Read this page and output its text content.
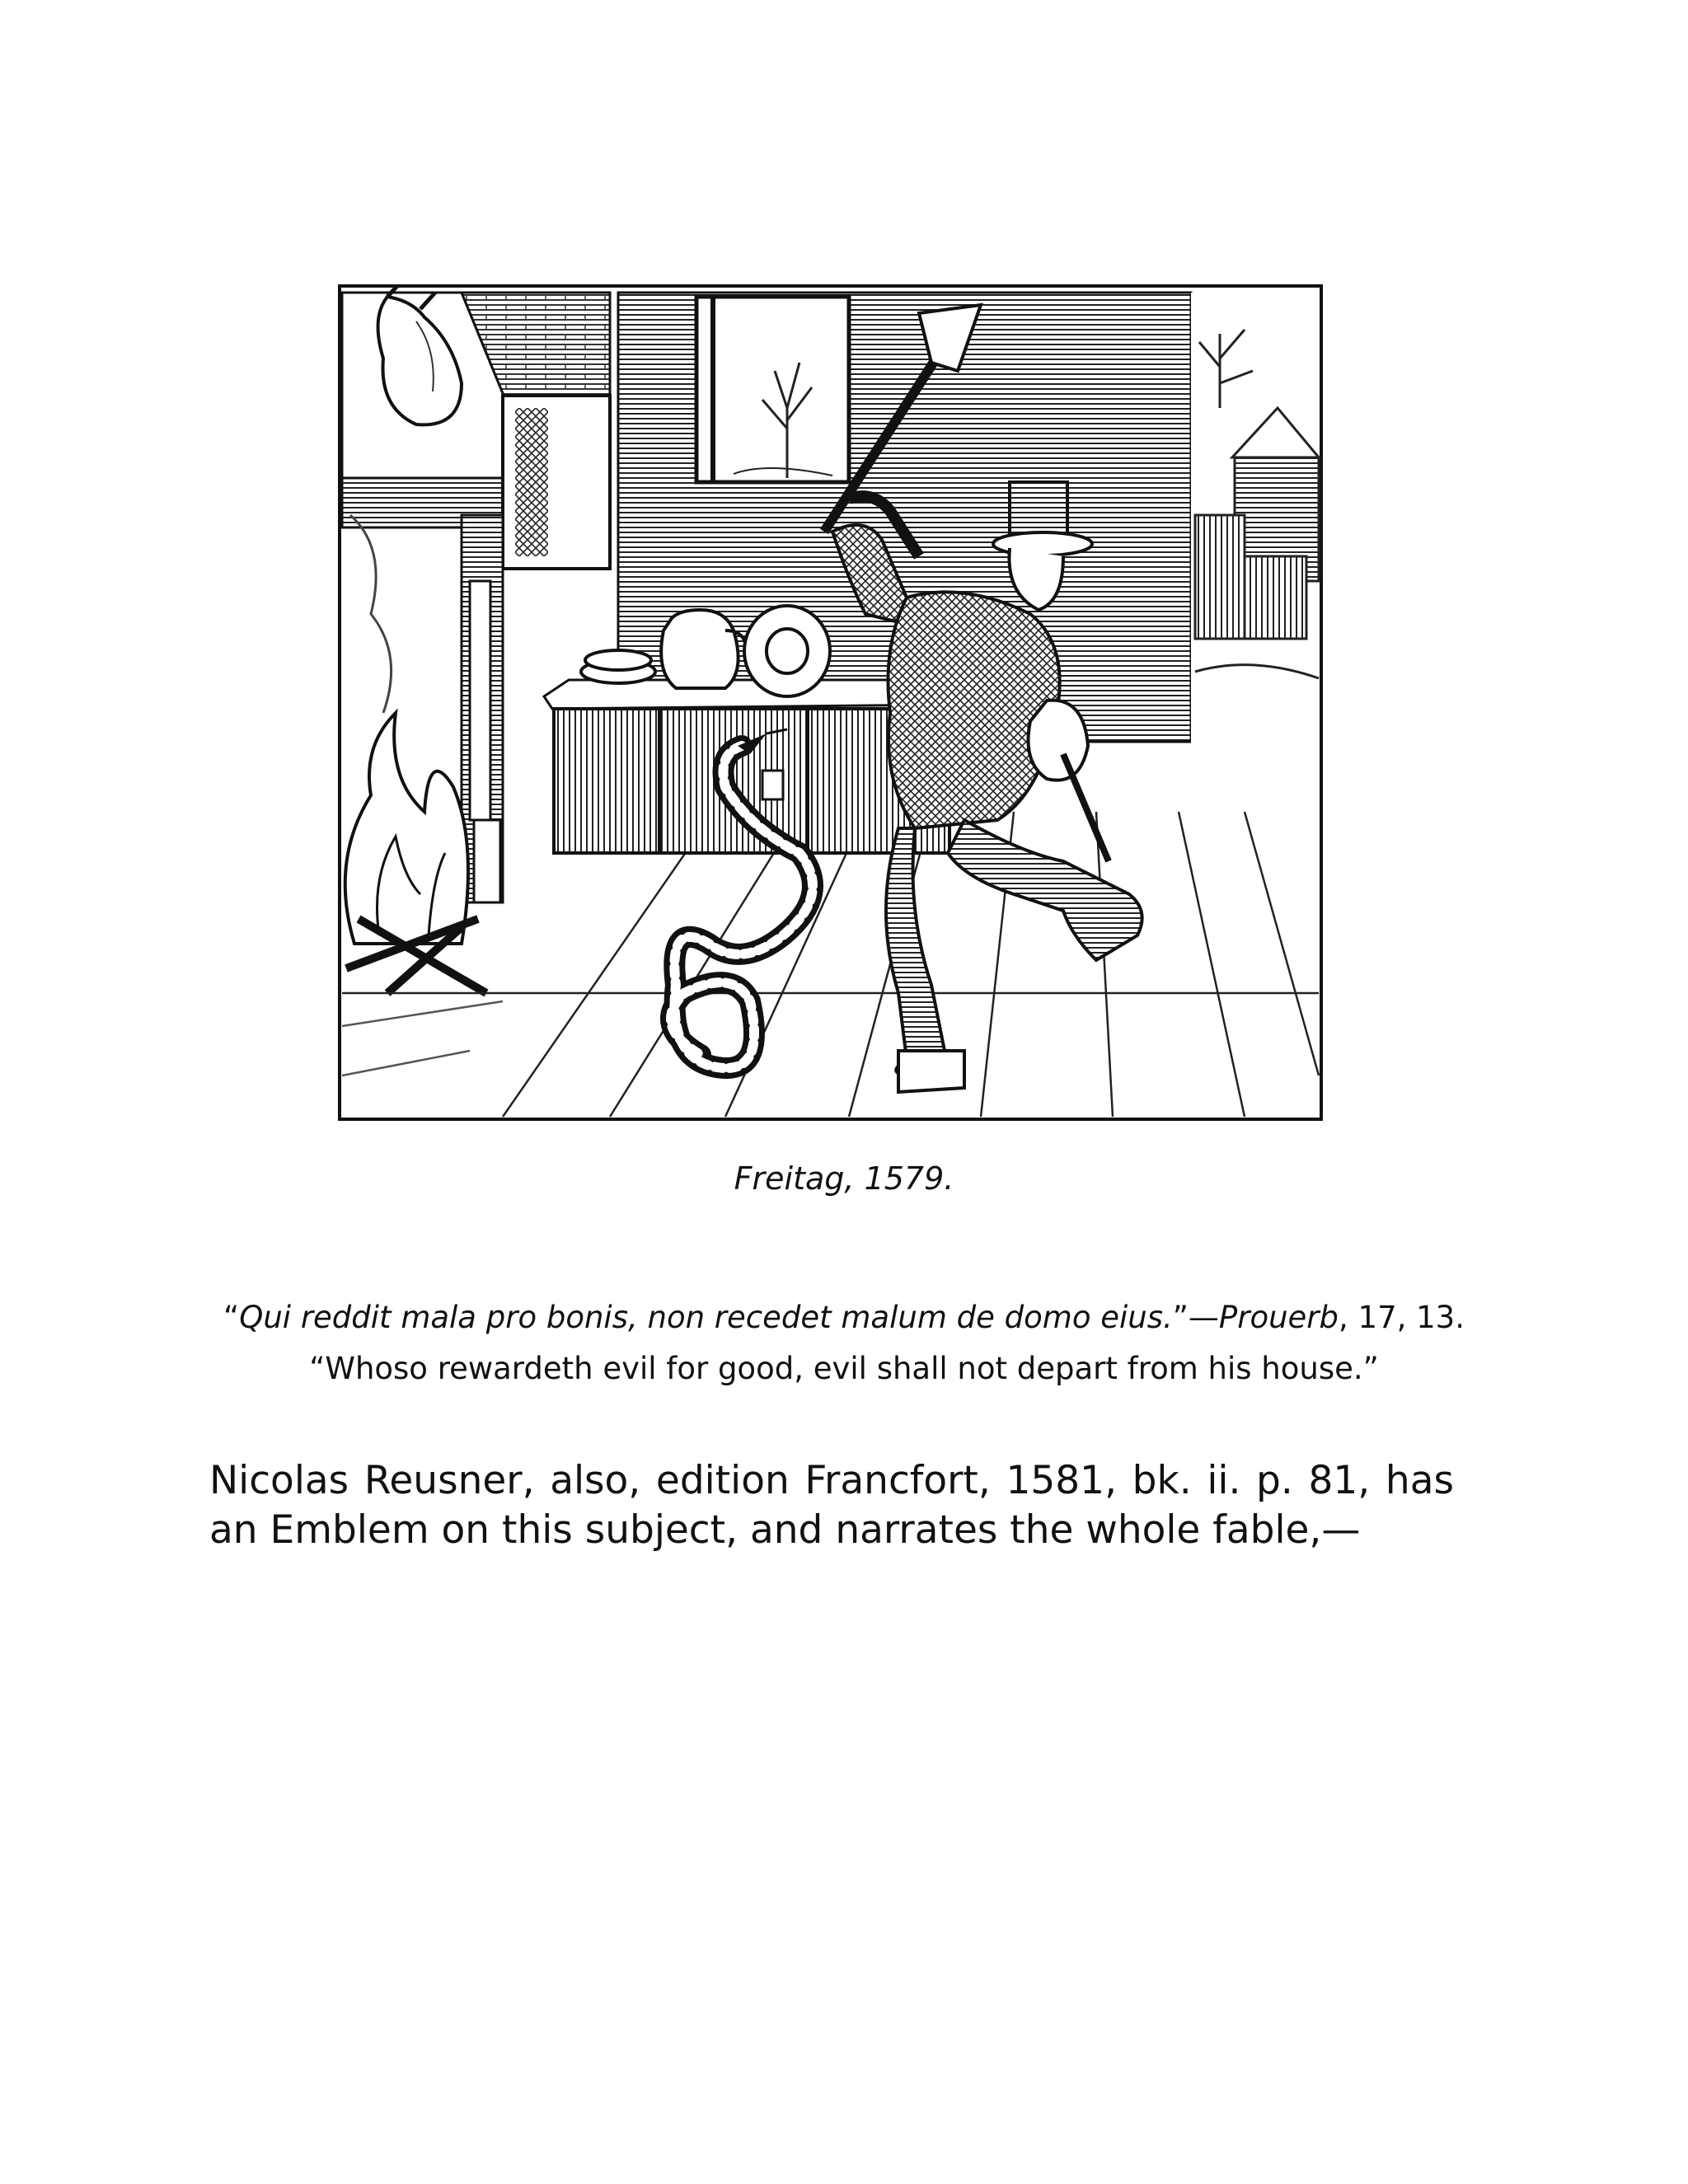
Freitag, 1579.
“Qui reddit mala pro bonis, non recedet malum de domo eius.”—Prouerb, 17, 13.
“Whoso rewardeth evil for good, evil shall not depart from his house.”

Nicolas Reusner, also, edition Francfort, 1581, bk. ii. p. 81, has an Emblem on this subject, and narrates the whole fable,—
